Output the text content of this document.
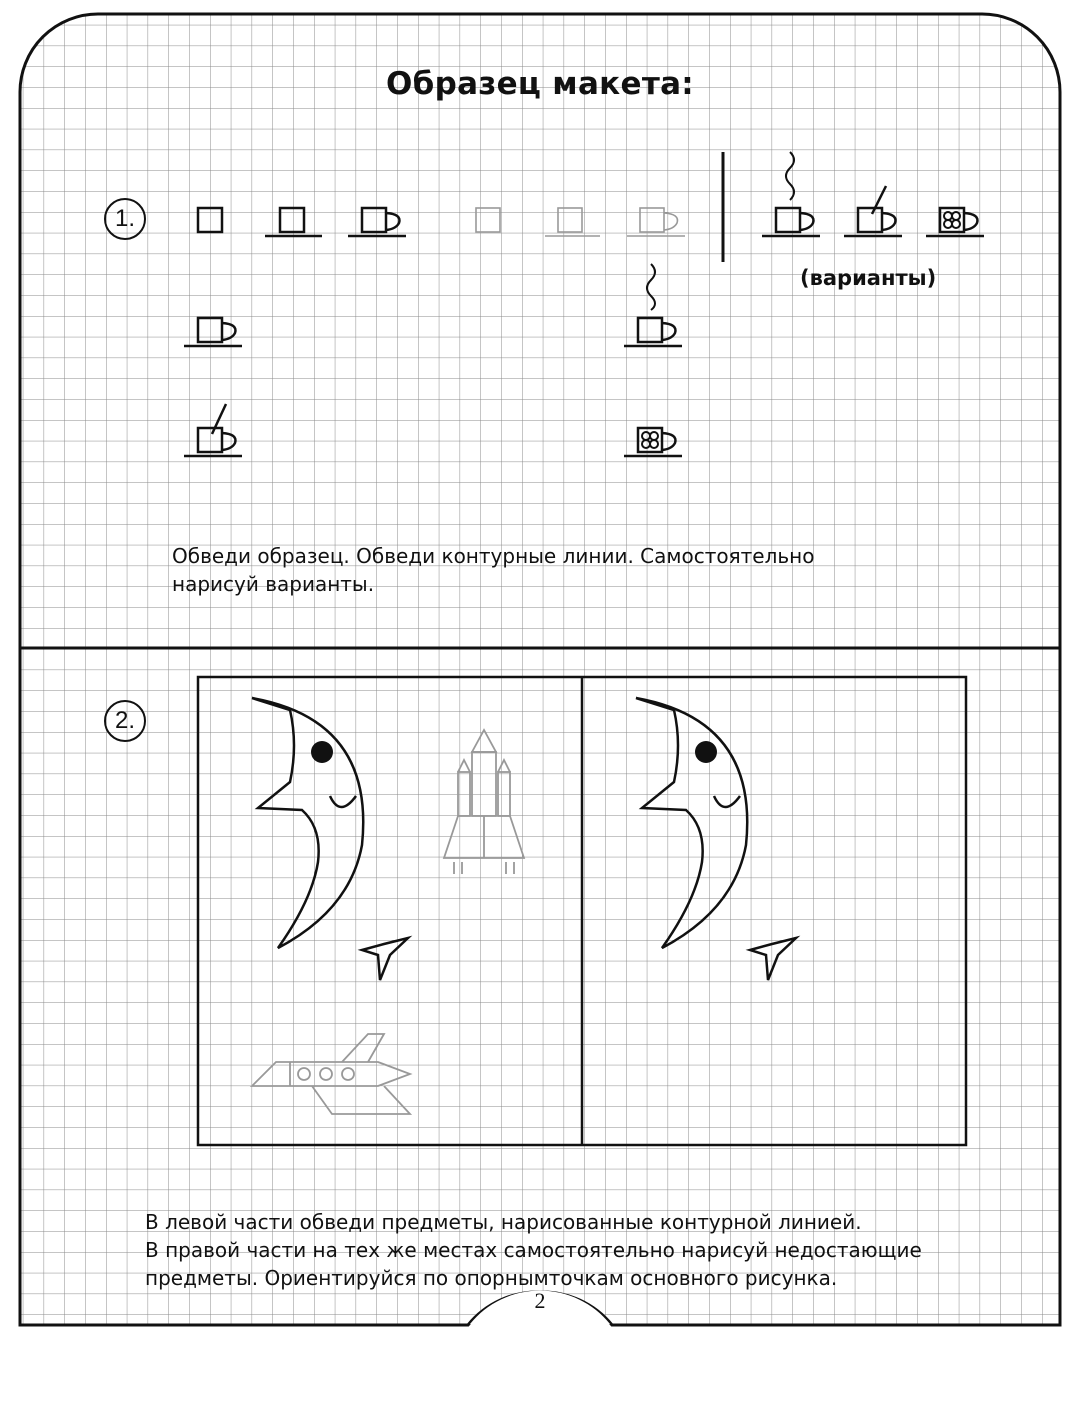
Образец макета:
1.
(варианты)
Обведи образец. Обведи контурные линии. Самостоятельно
нарисуй варианты.
2.
В левой части обведи предметы, нарисованные контурной линией.
В правой части на тех же местах самостоятельно нарисуй недостающие
предметы. Ориентируйся по опорнымточкам основного рисунка.
2
